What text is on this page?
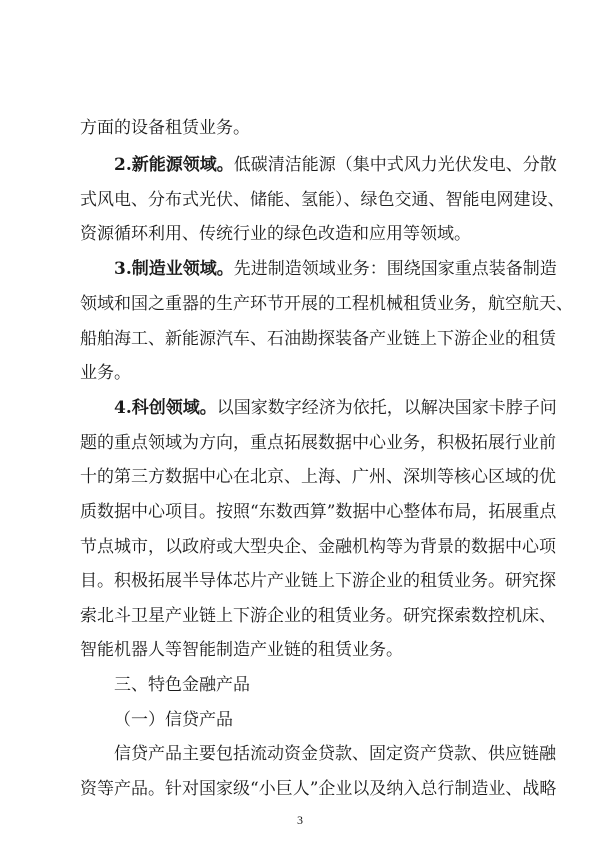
方面的设备租赁业务。
2.新能源领域。低碳清洁能源（集中式风力光伏发电、分散
式风电、分布式光伏、储能、氢能）、绿色交通、智能电网建设、
资源循环利用、传统行业的绿色改造和应用等领域。
3.制造业领域。先进制造领域业务：围绕国家重点装备制造
领域和国之重器的生产环节开展的工程机械租赁业务，航空航天、
船舶海工、新能源汽车、石油勘探装备产业链上下游企业的租赁
业务。
4.科创领域。以国家数字经济为依托，以解决国家卡脖子问
题的重点领域为方向，重点拓展数据中心业务，积极拓展行业前
十的第三方数据中心在北京、上海、广州、深圳等核心区域的优
质数据中心项目。按照“东数西算”数据中心整体布局，拓展重点
节点城市，以政府或大型央企、金融机构等为背景的数据中心项
目。积极拓展半导体芯片产业链上下游企业的租赁业务。研究探
索北斗卫星产业链上下游企业的租赁业务。研究探索数控机床、
智能机器人等智能制造产业链的租赁业务。
三、特色金融产品
（一）信贷产品
信贷产品主要包括流动资金贷款、固定资产贷款、供应链融
资等产品。针对国家级“小巨人”企业以及纳入总行制造业、战略
3
